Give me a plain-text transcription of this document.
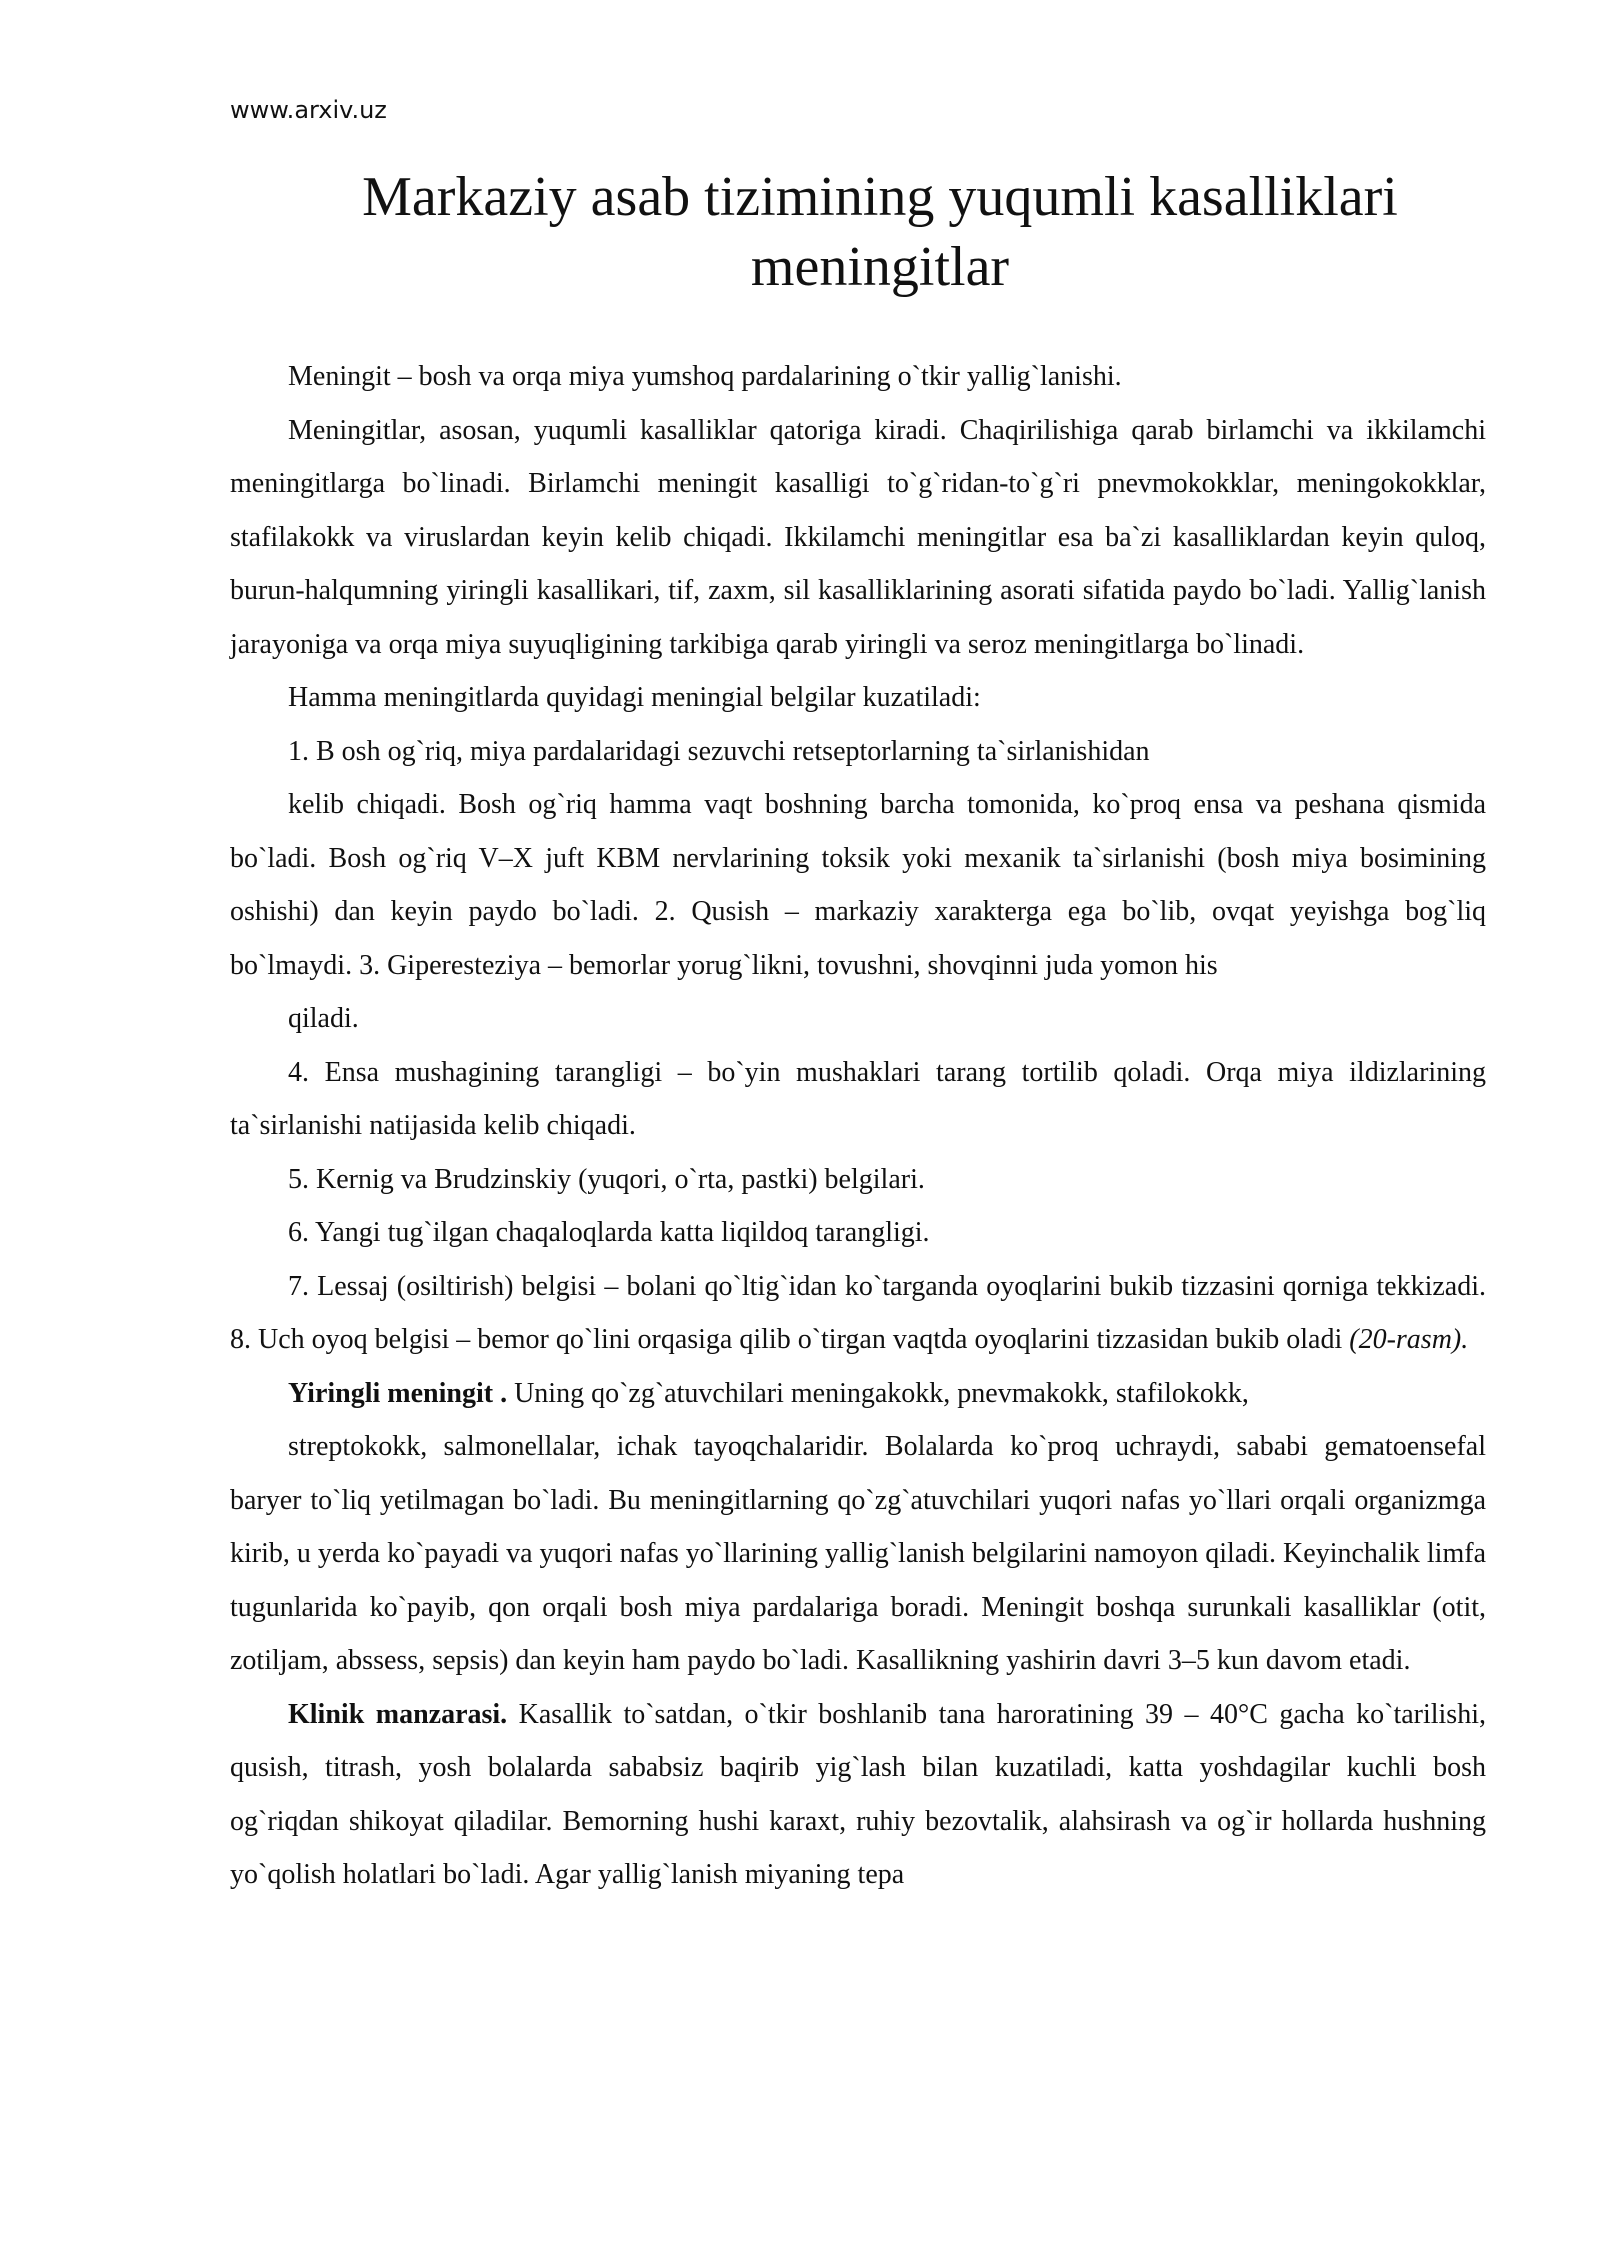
www.arxiv.uz
Markaziy asab tizimining yuqumli kasalliklari meningitlar

Meningit – bosh va orqa miya yumshoq pardalarining o`tkir yallig`lanishi.

Meningitlar, asosan, yuqumli kasalliklar qatoriga kiradi. Chaqirilishiga qarab birlamchi va ikkilamchi meningitlarga bo`linadi. Birlamchi meningit kasalligi to`g`ridan-to`g`ri pnevmokokklar, meningokokklar, stafilakokk va viruslardan keyin kelib chiqadi. Ikkilamchi meningitlar esa ba`zi kasalliklardan keyin quloq, burun-halqumning yiringli kasallikari, tif, zaxm, sil kasalliklarining asorati sifatida paydo bo`ladi. Yallig`lanish jarayoniga va orqa miya suyuqligining tarkibiga qarab yiringli va seroz meningitlarga bo`linadi.

Hamma meningitlarda quyidagi meningial belgilar kuzatiladi:

1. B osh og`riq, miya pardalaridagi sezuvchi retseptorlarning ta`sirlanishidan

kelib chiqadi. Bosh og`riq hamma vaqt boshning barcha tomonida, ko`proq ensa va peshana qismida bo`ladi. Bosh og`riq V–X juft KBM nervlarining toksik yoki mexanik ta`sirlanishi (bosh miya bosimining oshishi) dan keyin paydo bo`ladi. 2. Qusish – markaziy xarakterga ega bo`lib, ovqat yeyishga bog`liq bo`lmaydi. 3. Giperesteziya – bemorlar yorug`likni, tovushni, shovqinni juda yomon his

qiladi.

4. Ensa mushagining tarangligi – bo`yin mushaklari tarang tortilib qoladi. Orqa miya ildizlarining ta`sirlanishi natijasida kelib chiqadi.

5. Kernig va Brudzinskiy (yuqori, o`rta, pastki) belgilari.

6. Yangi tug`ilgan chaqaloqlarda katta liqildoq tarangligi.

7. Lessaj (osiltirish) belgisi – bolani qo`ltig`idan ko`targanda oyoqlarini bukib tizzasini qorniga tekkizadi. 8. Uch oyoq belgisi – bemor qo`lini orqasiga qilib o`tirgan vaqtda oyoqlarini tizzasidan bukib oladi (20-rasm).

Yiringli meningit . Uning qo`zg`atuvchilari meningakokk, pnevmakokk, stafilokokk,

streptokokk, salmonellalar, ichak tayoqchalaridir. Bolalarda ko`proq uchraydi, sababi gematoensefal baryer to`liq yetilmagan bo`ladi. Bu meningitlarning qo`zg`atuvchilari yuqori nafas yo`llari orqali organizmga kirib, u yerda ko`payadi va yuqori nafas yo`llarining yallig`lanish belgilarini namoyon qiladi. Keyinchalik limfa tugunlarida ko`payib, qon orqali bosh miya pardalariga boradi. Meningit boshqa surunkali kasalliklar (otit, zotiljam, abssess, sepsis) dan keyin ham paydo bo`ladi. Kasallikning yashirin davri 3–5 kun davom etadi.

Klinik manzarasi. Kasallik to`satdan, o`tkir boshlanib tana haroratining 39 – 40°C gacha ko`tarilishi, qusish, titrash, yosh bolalarda sababsiz baqirib yig`lash bilan kuzatiladi, katta yoshdagilar kuchli bosh og`riqdan shikoyat qiladilar. Bemorning hushi karaxt, ruhiy bezovtalik, alahsirash va og`ir hollarda hushning yo`qolish holatlari bo`ladi. Agar yallig`lanish miyaning tepa
